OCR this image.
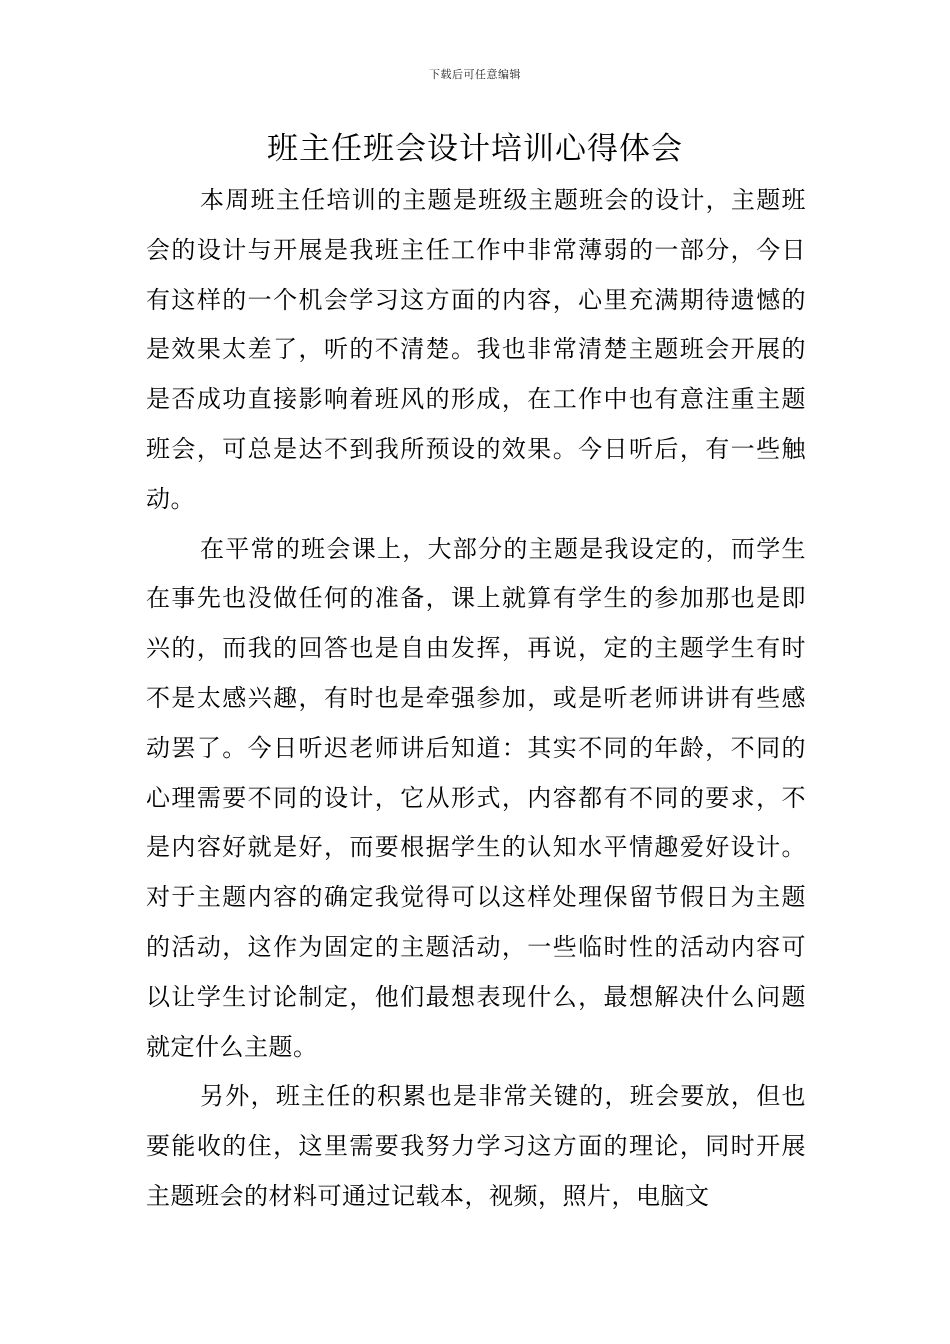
下载后可任意编辑
班主任班会设计培训心得体会

本周班主任培训的主题是班级主题班会的设计，主题班会的设计与开展是我班主任工作中非常薄弱的一部分，今日有这样的一个机会学习这方面的内容，心里充满期待遗憾的是效果太差了，听的不清楚。我也非常清楚主题班会开展的是否成功直接影响着班风的形成，在工作中也有意注重主题班会，可总是达不到我所预设的效果。今日听后，有一些触动。

在平常的班会课上，大部分的主题是我设定的，而学生在事先也没做任何的准备，课上就算有学生的参加那也是即兴的，而我的回答也是自由发挥，再说，定的主题学生有时不是太感兴趣，有时也是牵强参加，或是听老师讲讲有些感动罢了。今日听迟老师讲后知道：其实不同的年龄，不同的心理需要不同的设计，它从形式，内容都有不同的要求，不是内容好就是好，而要根据学生的认知水平情趣爱好设计。对于主题内容的确定我觉得可以这样处理保留节假日为主题的活动，这作为固定的主题活动，一些临时性的活动内容可以让学生讨论制定，他们最想表现什么，最想解决什么问题就定什么主题。

另外，班主任的积累也是非常关键的，班会要放，但也要能收的住，这里需要我努力学习这方面的理论，同时开展主题班会的材料可通过记载本，视频，照片，电脑文
